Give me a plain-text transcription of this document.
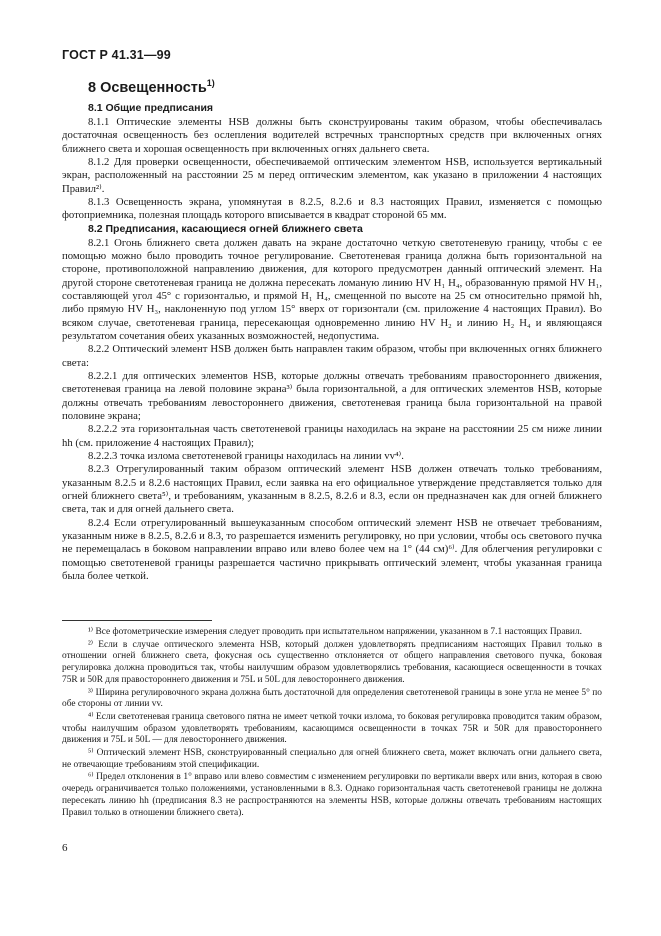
ГОСТ Р 41.31—99
8 Освещенность$^{1)}$
8.1 Общие предписания

8.1.1 Оптические элементы HSB должны быть сконструированы таким образом, чтобы обеспечивалась достаточная освещенность без ослепления водителей встречных транспортных средств при включенных огнях ближнего света и хорошая освещенность при включенных огнях дальнего света.

8.1.2 Для проверки освещенности, обеспечиваемой оптическим элементом HSB, используется вертикальный экран, расположенный на расстоянии 25 м перед оптическим элементом, как указано в приложении 4 настоящих Правил²⁾.

8.1.3 Освещенность экрана, упомянутая в 8.2.5, 8.2.6 и 8.3 настоящих Правил, изменяется с помощью фотоприемника, полезная площадь которого вписывается в квадрат стороной 65 мм.

8.2 Предписания, касающиеся огней ближнего света

8.2.1 Огонь ближнего света должен давать на экране достаточно четкую светотеневую границу, чтобы с ее помощью можно было проводить точное регулирование. Светотеневая граница должна быть горизонтальной на стороне, противоположной направлению движения, для которого предусмотрен данный оптический элемент. На другой стороне светотеневая граница не должна пересекать ломаную линию HV H₁ H₄, образованную прямой HV H₁, составляющей угол 45° с горизонталью, и прямой H₁ H₄, смещенной по высоте на 25 см относительно прямой hh, либо прямую HV H₃, наклоненную под углом 15° вверх от горизонтали (см. приложение 4 настоящих Правил). Во всяком случае, светотеневая граница, пересекающая одновременно линию HV H₂ и линию H₂ H₄ и являющаяся результатом сочетания обеих указанных возможностей, недопустима.

8.2.2 Оптический элемент HSB должен быть направлен таким образом, чтобы при включенных огнях ближнего света:

8.2.2.1 для оптических элементов HSB, которые должны отвечать требованиям правостороннего движения, светотеневая граница на левой половине экрана³⁾ была горизонтальной, а для оптических элементов HSB, которые должны отвечать требованиям левостороннего движения, светотеневая граница была горизонтальной на правой половине экрана;

8.2.2.2 эта горизонтальная часть светотеневой границы находилась на экране на расстоянии 25 см ниже линии hh (см. приложение 4 настоящих Правил);

8.2.2.3 точка излома светотеневой границы находилась на линии vv⁴⁾.

8.2.3 Отрегулированный таким образом оптический элемент HSB должен отвечать только требованиям, указанным 8.2.5 и 8.2.6 настоящих Правил, если заявка на его официальное утверждение представляется только для огней ближнего света⁵⁾, и требованиям, указанным в 8.2.5, 8.2.6 и 8.3, если он предназначен как для огней ближнего света, так и для огней дальнего света.

8.2.4 Если отрегулированный вышеуказанным способом оптический элемент HSB не отвечает требованиям, указанным ниже в 8.2.5, 8.2.6 и 8.3, то разрешается изменить регулировку, но при условии, чтобы ось светового пучка не перемещалась в боковом направлении вправо или влево более чем на 1° (44 см)⁶⁾. Для облегчения регулировки с помощью светотеневой границы разрешается частично прикрывать оптический элемент, чтобы указанная граница была более четкой.

¹⁾ Все фотометрические измерения следует проводить при испытательном напряжении, указанном в 7.1 настоящих Правил.

²⁾ Если в случае оптического элемента HSB, который должен удовлетворять предписаниям настоящих Правил только в отношении огней ближнего света, фокусная ось существенно отклоняется от общего направления светового пучка, боковая регулировка должна проводиться так, чтобы наилучшим образом удовлетворялись требования, касающиеся освещенности в точках 75R и 50R для правостороннего движения и 75L и 50L для левостороннего движения.

³⁾ Ширина регулировочного экрана должна быть достаточной для определения светотеневой границы в зоне угла не менее 5° по обе стороны от линии vv.

⁴⁾ Если светотеневая граница светового пятна не имеет четкой точки излома, то боковая регулировка проводится таким образом, чтобы наилучшим образом удовлетворять требованиям, касающимся освещенности в точках 75R и 50R для правостороннего движения и 75L и 50L — для левостороннего движения.

⁵⁾ Оптический элемент HSB, сконструированный специально для огней ближнего света, может включать огни дальнего света, не отвечающие требованиям этой спецификации.

⁶⁾ Предел отклонения в 1° вправо или влево совместим с изменением регулировки по вертикали вверх или вниз, которая в свою очередь ограничивается только положениями, установленными в 8.3. Однако горизонтальная часть светотеневой границы не должна пересекать линию hh (предписания 8.3 не распространяются на элементы HSB, которые должны отвечать требованиям настоящих Правил только в отношении ближнего света).

6
